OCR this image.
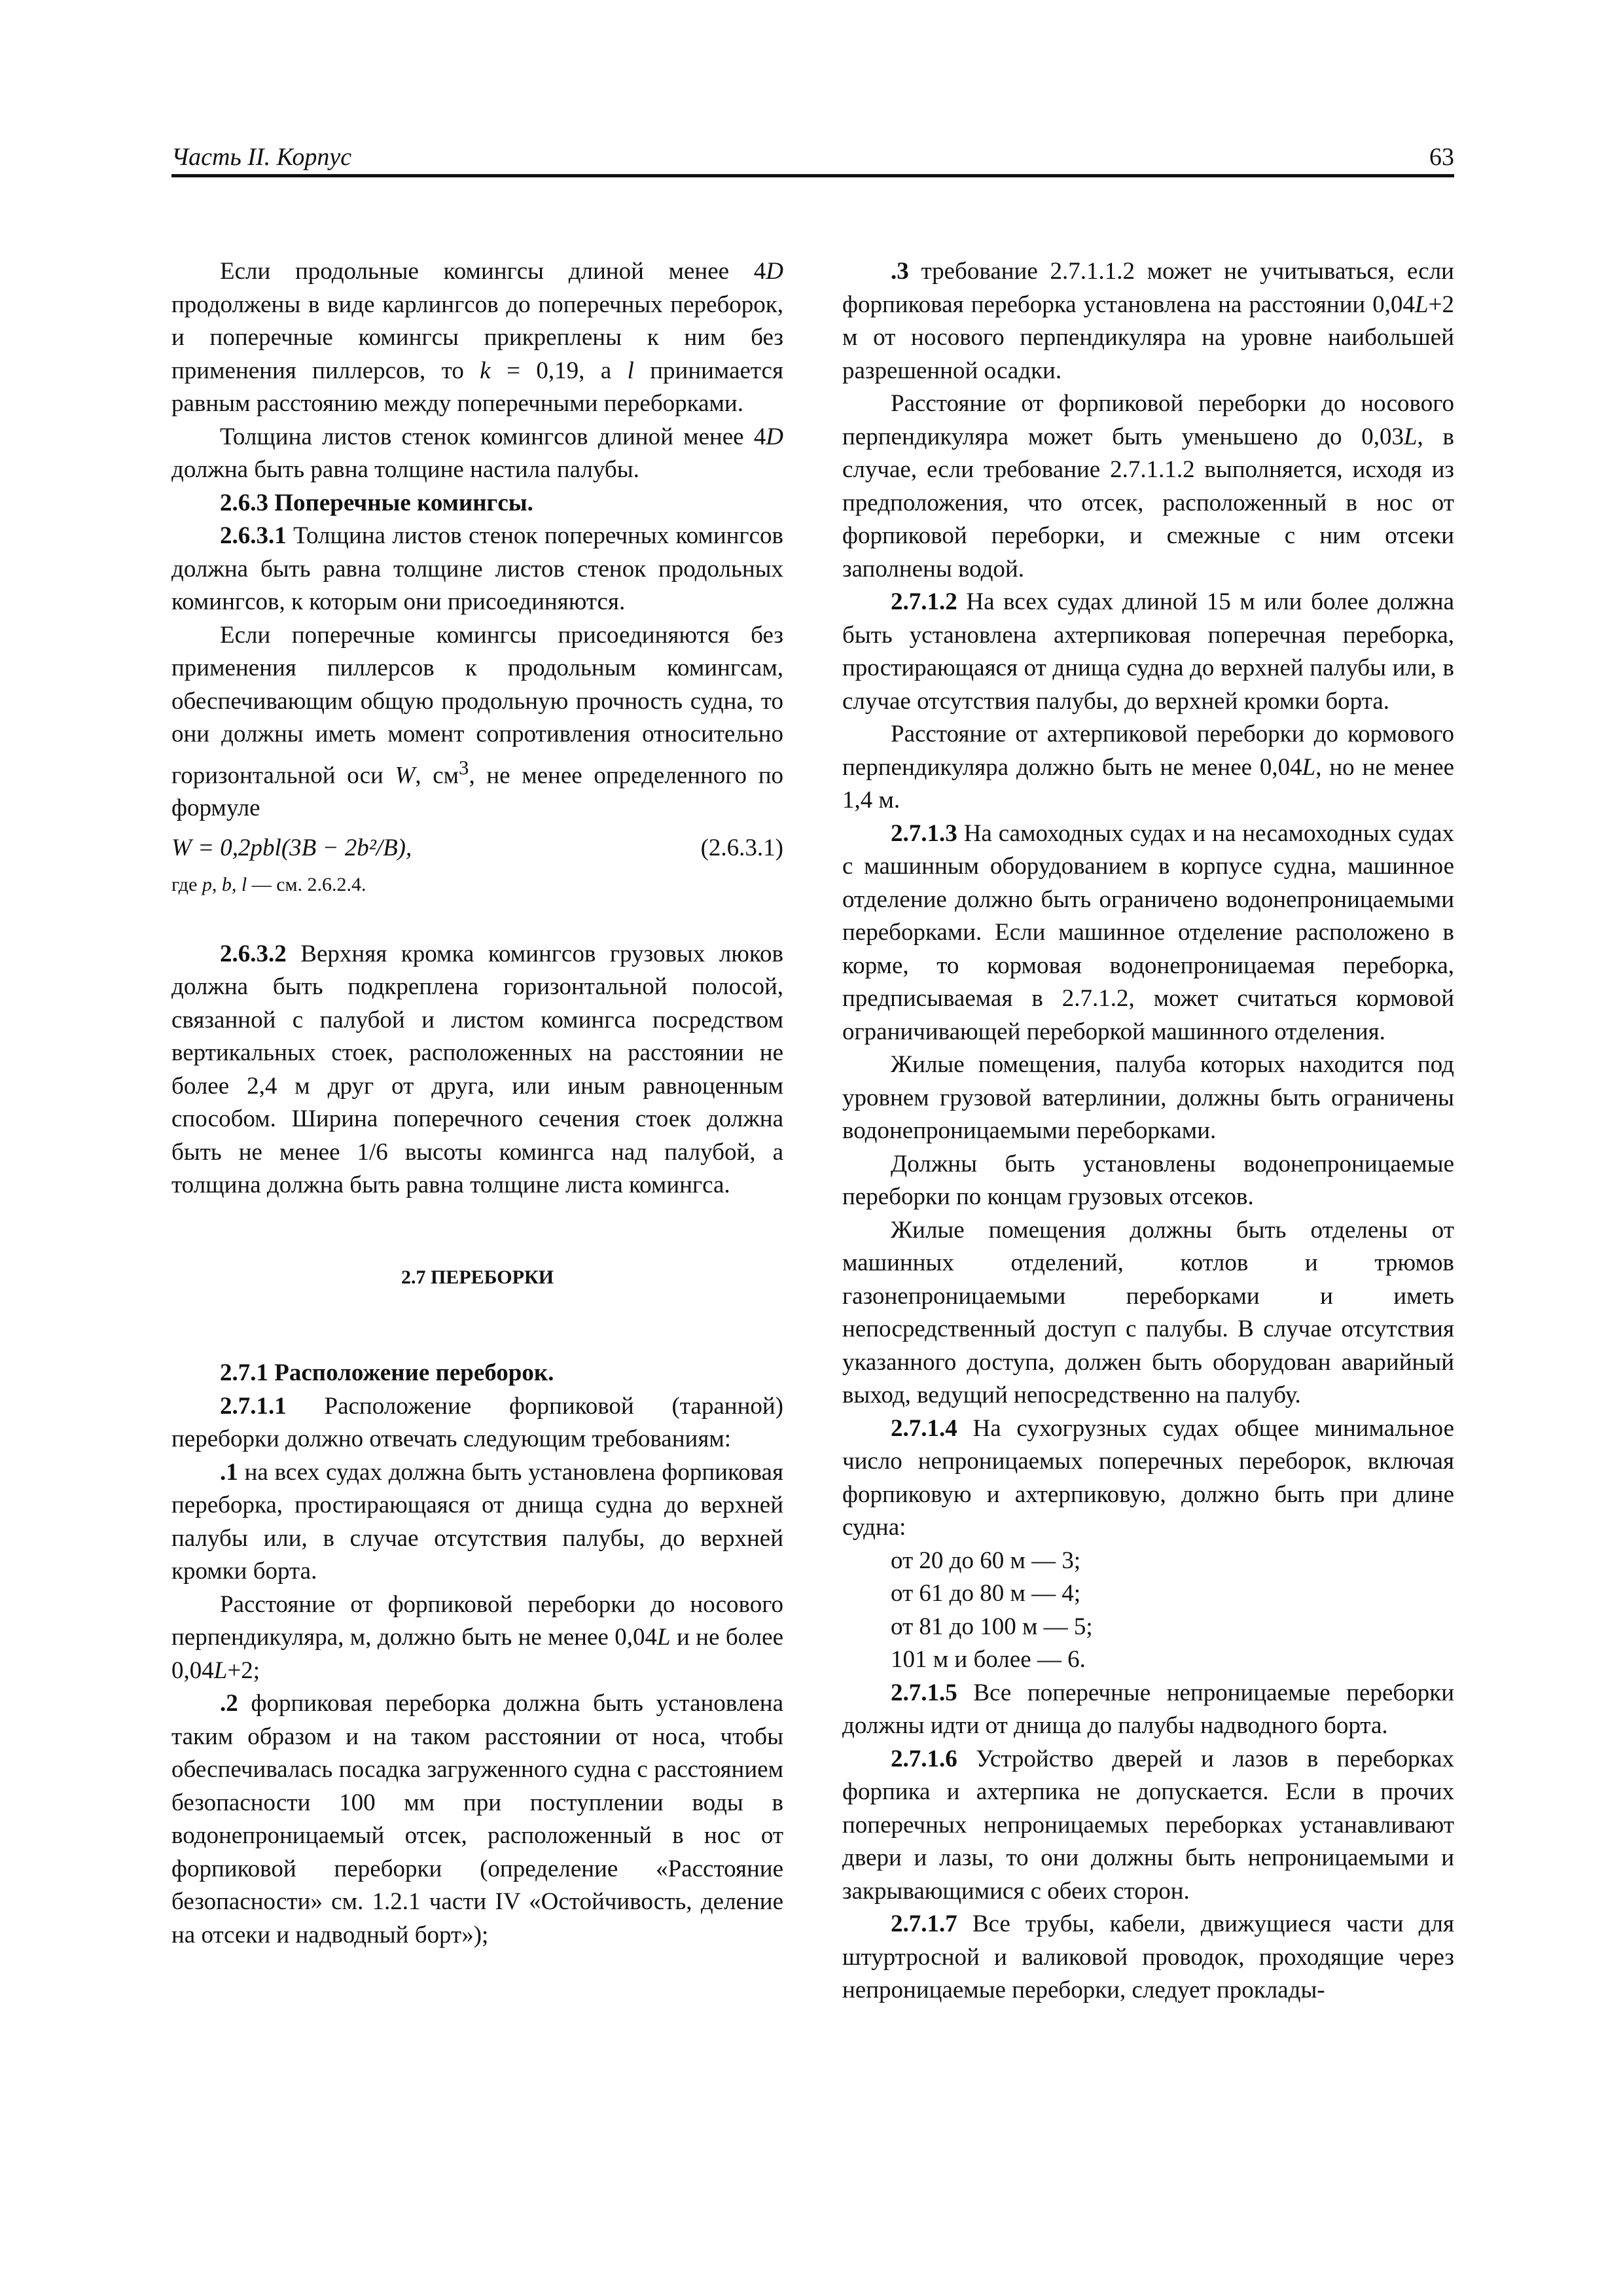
Часть II. Корпус	63

Если продольные комингсы длиной менее 4D продолжены в виде карлингсов до поперечных переборок, и поперечные комингсы прикреплены к ним без применения пиллерсов, то k = 0,19, а l принимается равным расстоянию между поперечными переборками.

Толщина листов стенок комингсов длиной менее 4D должна быть равна толщине настила палубы.

2.6.3 Поперечные комингсы.

2.6.3.1 Толщина листов стенок поперечных комингсов должна быть равна толщине листов стенок продольных комингсов, к которым они присоединяются.

Если поперечные комингсы присоединяются без применения пиллерсов к продольным комингсам, обеспечивающим общую продольную прочность судна, то они должны иметь момент сопротивления относительно горизонтальной оси W, $см^3$, не менее определенного по формуле

W = 0,2pbl(3B − 2b²/B),	(2.6.3.1)

где p, b, l — см. 2.6.2.4.

2.6.3.2 Верхняя кромка комингсов грузовых люков должна быть подкреплена горизонтальной полосой, связанной с палубой и листом комингса посредством вертикальных стоек, расположенных на расстоянии не более 2,4 м друг от друга, или иным равноценным способом. Ширина поперечного сечения стоек должна быть не менее 1/6 высоты комингса над палубой, а толщина должна быть равна толщине листа комингса.

2.7 ПЕРЕБОРКИ

2.7.1 Расположение переборок.

2.7.1.1 Расположение форпиковой (таранной) переборки должно отвечать следующим требованиям:

.1 на всех судах должна быть установлена форпиковая переборка, простирающаяся от днища судна до верхней палубы или, в случае отсутствия палубы, до верхней кромки борта.

Расстояние от форпиковой переборки до носового перпендикуляра, м, должно быть не менее 0,04L и не более 0,04L+2;

.2 форпиковая переборка должна быть установлена таким образом и на таком расстоянии от носа, чтобы обеспечивалась посадка загруженного судна с расстоянием безопасности 100 мм при поступлении воды в водонепроницаемый отсек, расположенный в нос от форпиковой переборки (определение «Расстояние безопасности» см. 1.2.1 части IV «Остойчивость, деление на отсеки и надводный борт»);

.3 требование 2.7.1.1.2 может не учитываться, если форпиковая переборка установлена на расстоянии 0,04L+2 м от носового перпендикуляра на уровне наибольшей разрешенной осадки.

Расстояние от форпиковой переборки до носового перпендикуляра может быть уменьшено до 0,03L, в случае, если требование 2.7.1.1.2 выполняется, исходя из предположения, что отсек, расположенный в нос от форпиковой переборки, и смежные с ним отсеки заполнены водой.

2.7.1.2 На всех судах длиной 15 м или более должна быть установлена ахтерпиковая поперечная переборка, простирающаяся от днища судна до верхней палубы или, в случае отсутствия палубы, до верхней кромки борта.

Расстояние от ахтерпиковой переборки до кормового перпендикуляра должно быть не менее 0,04L, но не менее 1,4 м.

2.7.1.3 На самоходных судах и на несамоходных судах с машинным оборудованием в корпусе судна, машинное отделение должно быть ограничено водонепроницаемыми переборками. Если машинное отделение расположено в корме, то кормовая водонепроницаемая переборка, предписываемая в 2.7.1.2, может считаться кормовой ограничивающей переборкой машинного отделения.

Жилые помещения, палуба которых находится под уровнем грузовой ватерлинии, должны быть ограничены водонепроницаемыми переборками.

Должны быть установлены водонепроницаемые переборки по концам грузовых отсеков.

Жилые помещения должны быть отделены от машинных отделений, котлов и трюмов газонепроницаемыми переборками и иметь непосредственный доступ с палубы. В случае отсутствия указанного доступа, должен быть оборудован аварийный выход, ведущий непосредственно на палубу.

2.7.1.4 На сухогрузных судах общее минимальное число непроницаемых поперечных переборок, включая форпиковую и ахтерпиковую, должно быть при длине судна:

от 20 до 60 м — 3;

от 61 до 80 м — 4;

от 81 до 100 м — 5;

101 м и более — 6.

2.7.1.5 Все поперечные непроницаемые переборки должны идти от днища до палубы надводного борта.

2.7.1.6 Устройство дверей и лазов в переборках форпика и ахтерпика не допускается. Если в прочих поперечных непроницаемых переборках устанавливают двери и лазы, то они должны быть непроницаемыми и закрывающимися с обеих сторон.

2.7.1.7 Все трубы, кабели, движущиеся части для штуртросной и валиковой проводок, проходящие через непроницаемые переборки, следует проклады-
